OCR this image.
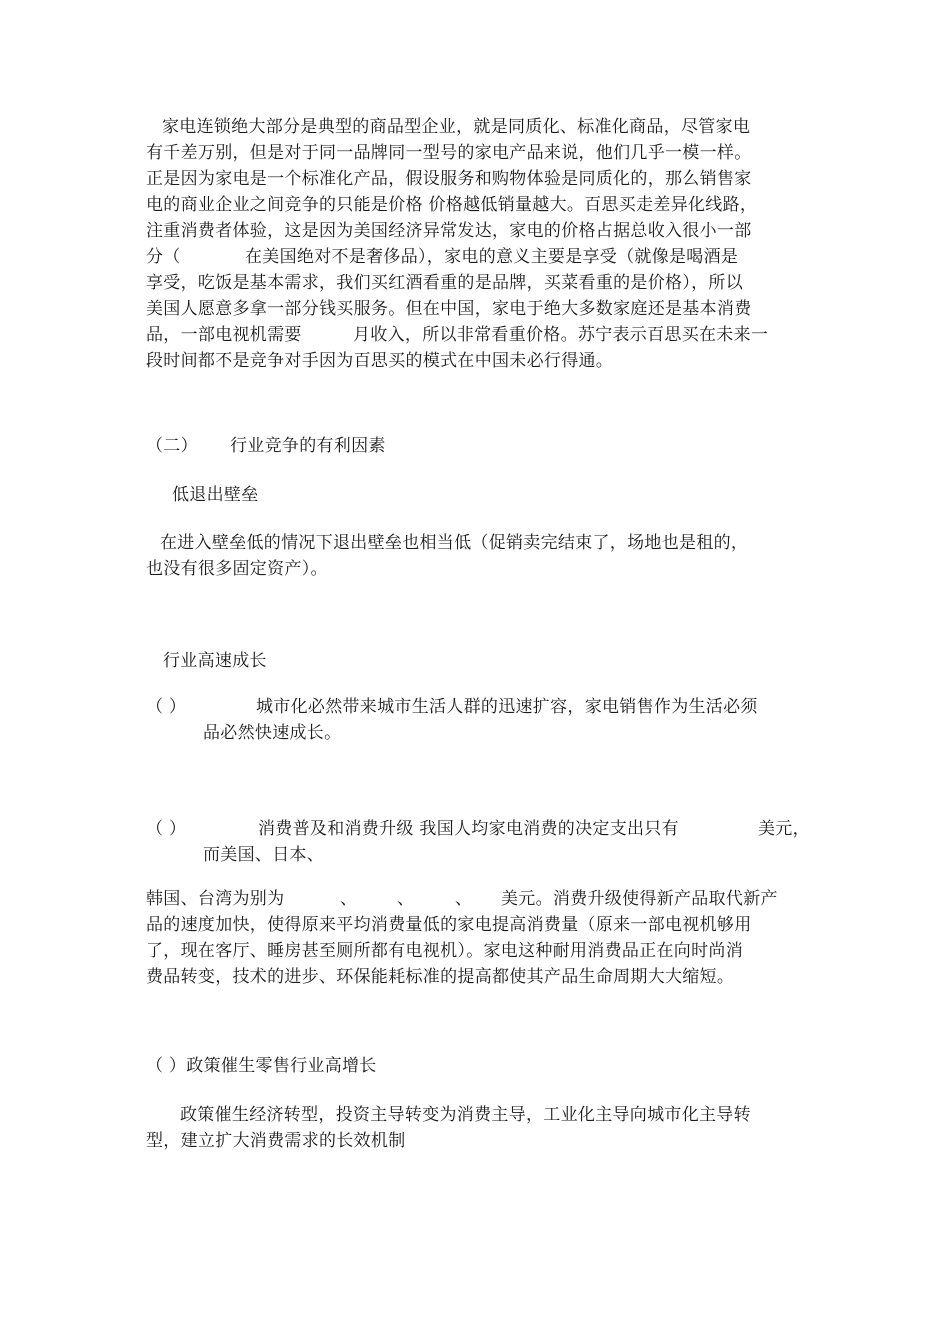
家电连锁绝大部分是典型的商品型企业，就是同质化、标准化商品，尽管家电
有千差万别，但是对于同一品牌同一型号的家电产品来说，他们几乎一模一样。
正是因为家电是一个标准化产品，假设服务和购物体验是同质化的，那么销售家
电的商业企业之间竞争的只能是价格 价格越低销量越大。百思买走差异化线路，
注重消费者体验，这是因为美国经济异常发达，家电的价格占据总收入很小一部
分（	在美国绝对不是奢侈品），家电的意义主要是享受（就像是喝酒是
享受，吃饭是基本需求，我们买红酒看重的是品牌，买菜看重的是价格），所以
美国人愿意多拿一部分钱买服务。但在中国，家电于绝大多数家庭还是基本消费
品，一部电视机需要	月收入，所以非常看重价格。苏宁表示百思买在未来一
段时间都不是竞争对手因为百思买的模式在中国未必行得通。
（二） 行业竞争的有利因素
低退出壁垒
在进入壁垒低的情况下退出壁垒也相当低（促销卖完结束了，场地也是租的，
也没有很多固定资产）。
行业高速成长
（ ）	城市化必然带来城市生活人群的迅速扩容，家电销售作为生活必须
品必然快速成长。
（ ）	消费普及和消费升级 我国人均家电消费的决定支出只有	美元，
而美国、日本、
韩国、台湾为别为	、 、 、 美元。消费升级使得新产品取代新产
品的速度加快，使得原来平均消费量低的家电提高消费量（原来一部电视机够用
了，现在客厅、睡房甚至厕所都有电视机）。家电这种耐用消费品正在向时尚消
费品转变，技术的进步、环保能耗标准的提高都使其产品生命周期大大缩短。
（ ）政策催生零售行业高增长
政策催生经济转型，投资主导转变为消费主导，工业化主导向城市化主导转
型，建立扩大消费需求的长效机制
